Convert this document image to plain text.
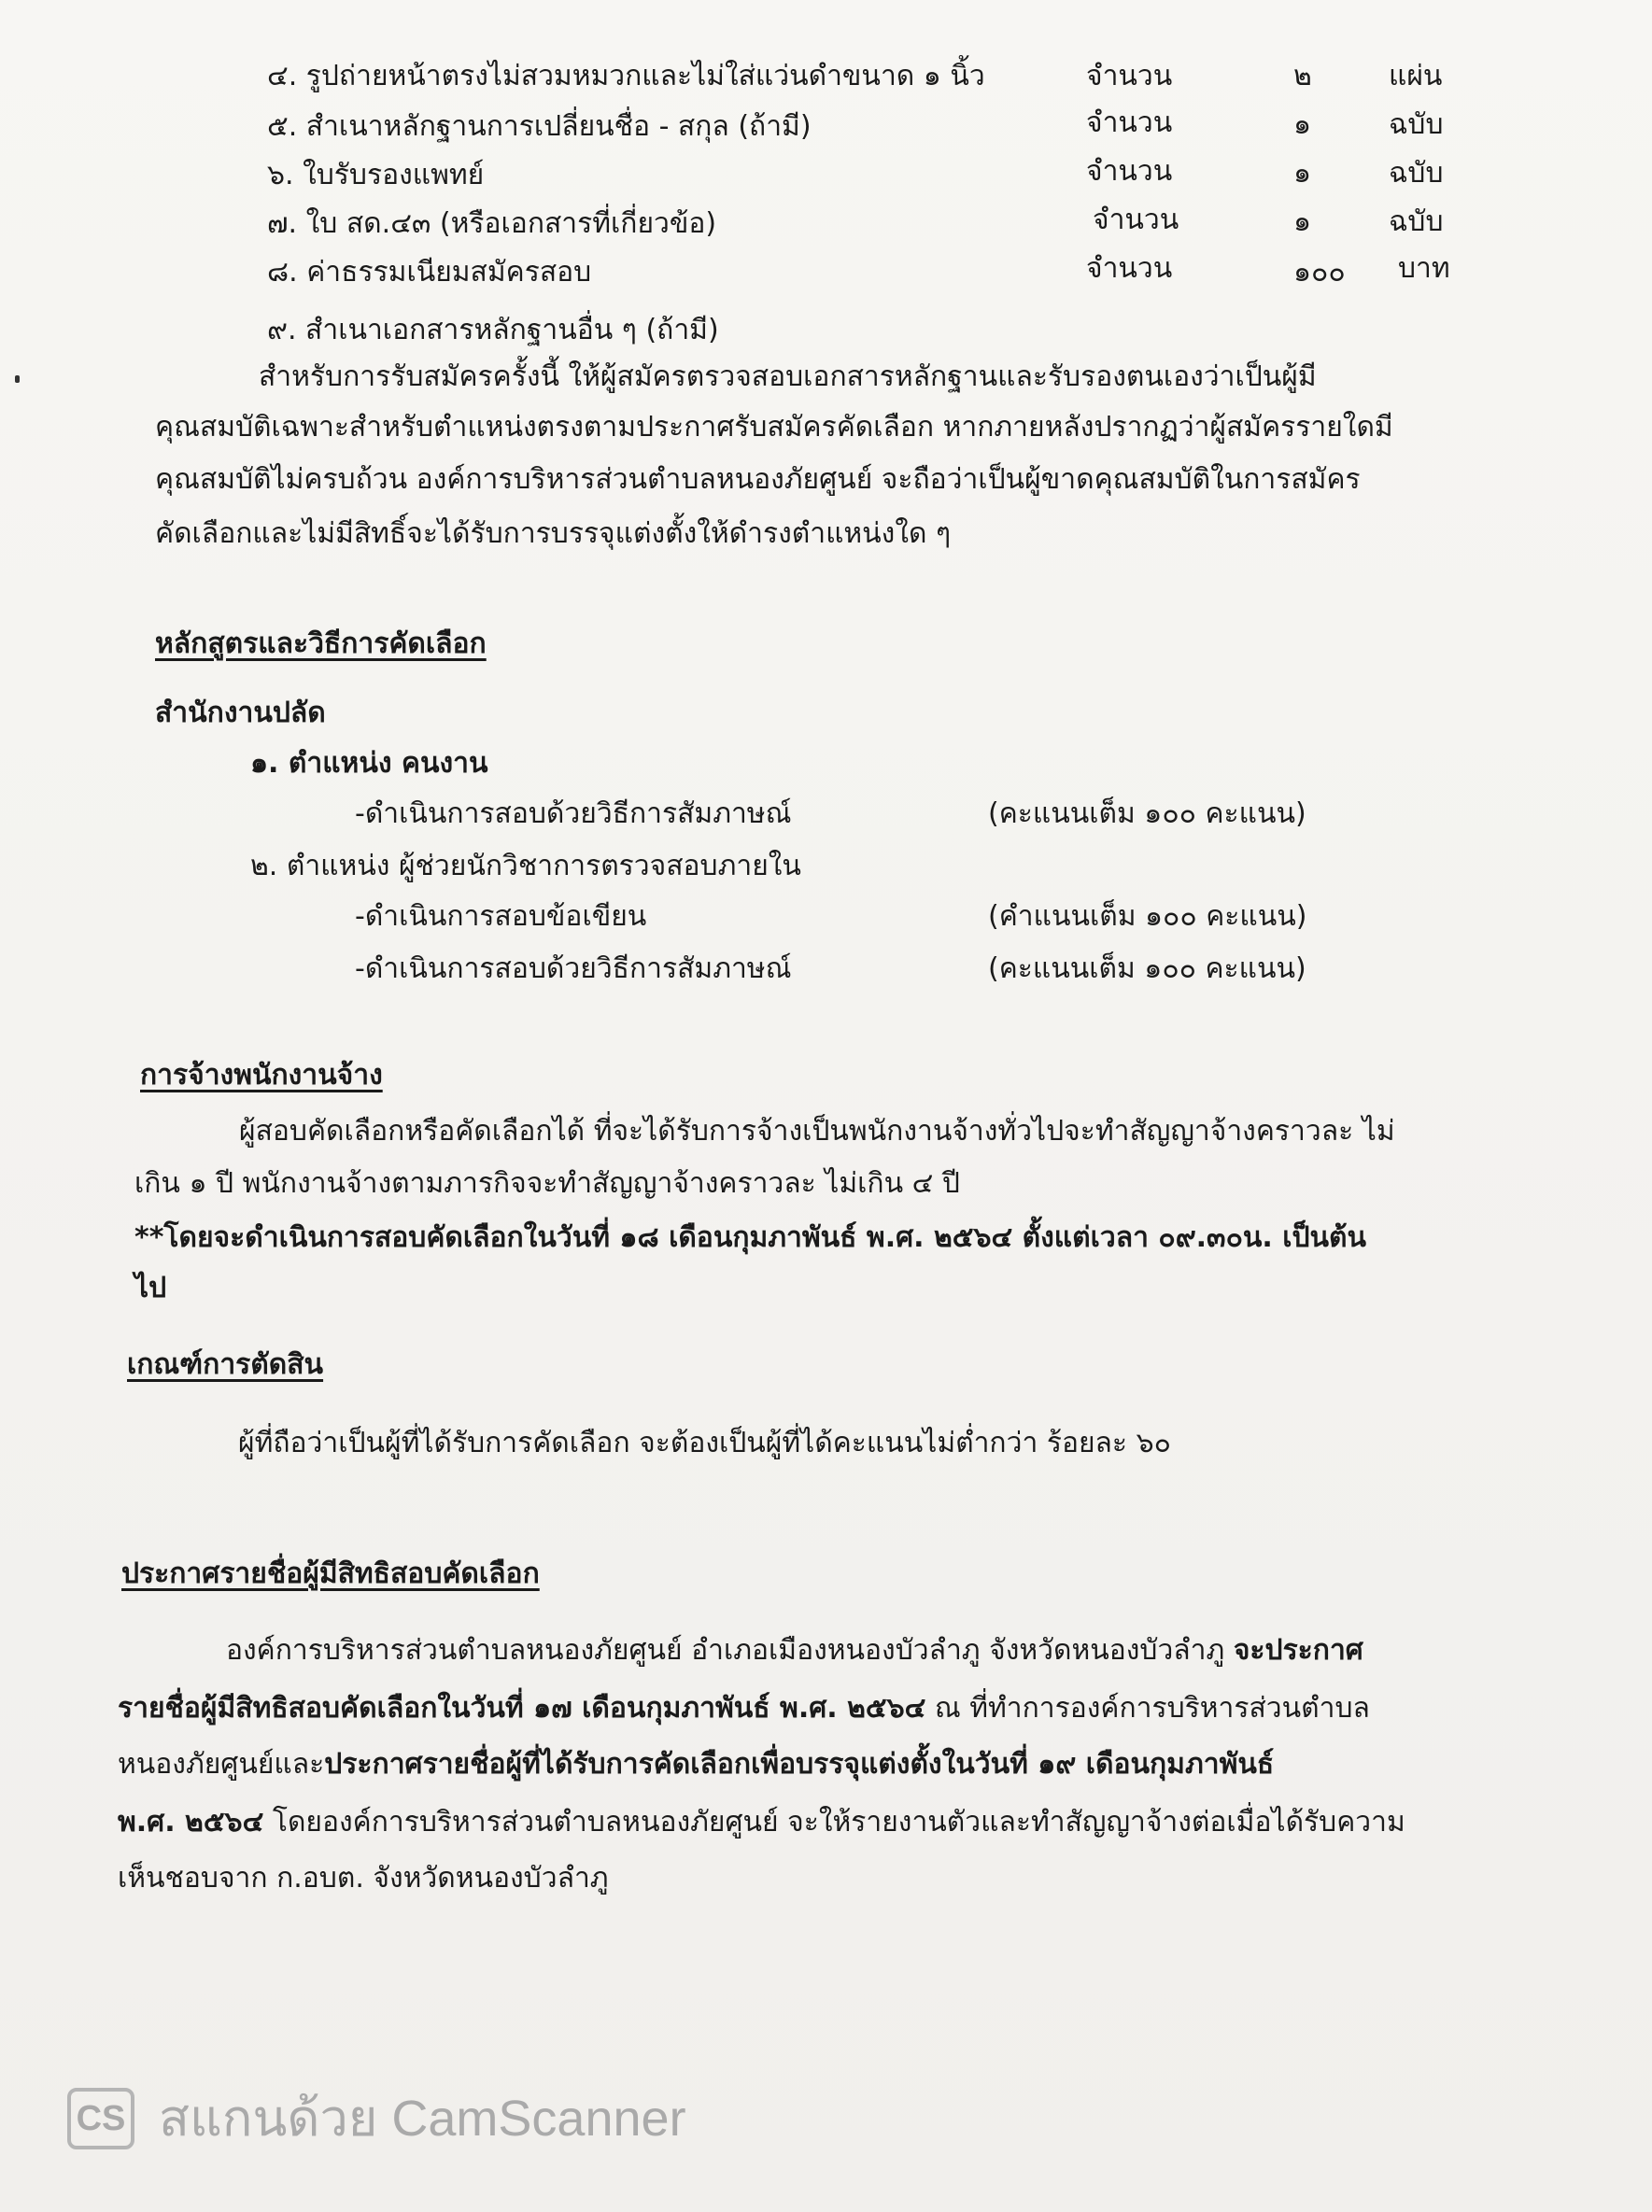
๔. รูปถ่ายหน้าตรงไม่สวมหมวกและไม่ใส่แว่นดำขนาด ๑ นิ้ว	จำนวน	๒	แผ่น
๕. สำเนาหลักฐานการเปลี่ยนชื่อ - สกุล (ถ้ามี)	จำนวน	๑	ฉบับ
๖. ใบรับรองแพทย์	จำนวน	๑	ฉบับ
๗. ใบ สด.๔๓ (หรือเอกสารที่เกี่ยวข้อ)	จำนวน	๑	ฉบับ
๘. ค่าธรรมเนียมสมัครสอบ	จำนวน	๑๐๐ บาท
๙. สำเนาเอกสารหลักฐานอื่น ๆ (ถ้ามี)
สำหรับการรับสมัครครั้งนี้ ให้ผู้สมัครตรวจสอบเอกสารหลักฐานและรับรองตนเองว่าเป็นผู้มี
คุณสมบัติเฉพาะสำหรับตำแหน่งตรงตามประกาศรับสมัครคัดเลือก หากภายหลังปรากฏว่าผู้สมัครรายใดมี
คุณสมบัติไม่ครบถ้วน องค์การบริหารส่วนตำบลหนองภัยศูนย์ จะถือว่าเป็นผู้ขาดคุณสมบัติในการสมัคร
คัดเลือกและไม่มีสิทธิ์จะได้รับการบรรจุแต่งตั้งให้ดำรงตำแหน่งใด ๆ
หลักสูตรและวิธีการคัดเลือก
สำนักงานปลัด
๑. ตำแหน่ง คนงาน
-ดำเนินการสอบด้วยวิธีการสัมภาษณ์	(คะแนนเต็ม ๑๐๐ คะแนน)
๒. ตำแหน่ง ผู้ช่วยนักวิชาการตรวจสอบภายใน
-ดำเนินการสอบข้อเขียน	(คำแนนเต็ม ๑๐๐ คะแนน)
-ดำเนินการสอบด้วยวิธีการสัมภาษณ์	(คะแนนเต็ม ๑๐๐ คะแนน)
การจ้างพนักงานจ้าง
ผู้สอบคัดเลือกหรือคัดเลือกได้ ที่จะได้รับการจ้างเป็นพนักงานจ้างทั่วไปจะทำสัญญาจ้างคราวละ ไม่
เกิน ๑ ปี พนักงานจ้างตามภารกิจจะทำสัญญาจ้างคราวละ ไม่เกิน ๔ ปี
**โดยจะดำเนินการสอบคัดเลือกในวันที่ ๑๘ เดือนกุมภาพันธ์ พ.ศ. ๒๕๖๔ ตั้งแต่เวลา ๐๙.๓๐น. เป็นต้น
ไป
เกณฑ์การตัดสิน
ผู้ที่ถือว่าเป็นผู้ที่ได้รับการคัดเลือก จะต้องเป็นผู้ที่ได้คะแนนไม่ต่ำกว่า ร้อยละ ๖๐
ประกาศรายชื่อผู้มีสิทธิสอบคัดเลือก
องค์การบริหารส่วนตำบลหนองภัยศูนย์ อำเภอเมืองหนองบัวลำภู จังหวัดหนองบัวลำภู จะประกาศ
รายชื่อผู้มีสิทธิสอบคัดเลือกในวันที่ ๑๗ เดือนกุมภาพันธ์ พ.ศ. ๒๕๖๔ ณ ที่ทำการองค์การบริหารส่วนตำบล
หนองภัยศูนย์และประกาศรายชื่อผู้ที่ได้รับการคัดเลือกเพื่อบรรจุแต่งตั้งในวันที่ ๑๙ เดือนกุมภาพันธ์
พ.ศ. ๒๕๖๔ โดยองค์การบริหารส่วนตำบลหนองภัยศูนย์ จะให้รายงานตัวและทำสัญญาจ้างต่อเมื่อได้รับความ
เห็นชอบจาก ก.อบต. จังหวัดหนองบัวลำภู
CS สแกนด้วย CamScanner
